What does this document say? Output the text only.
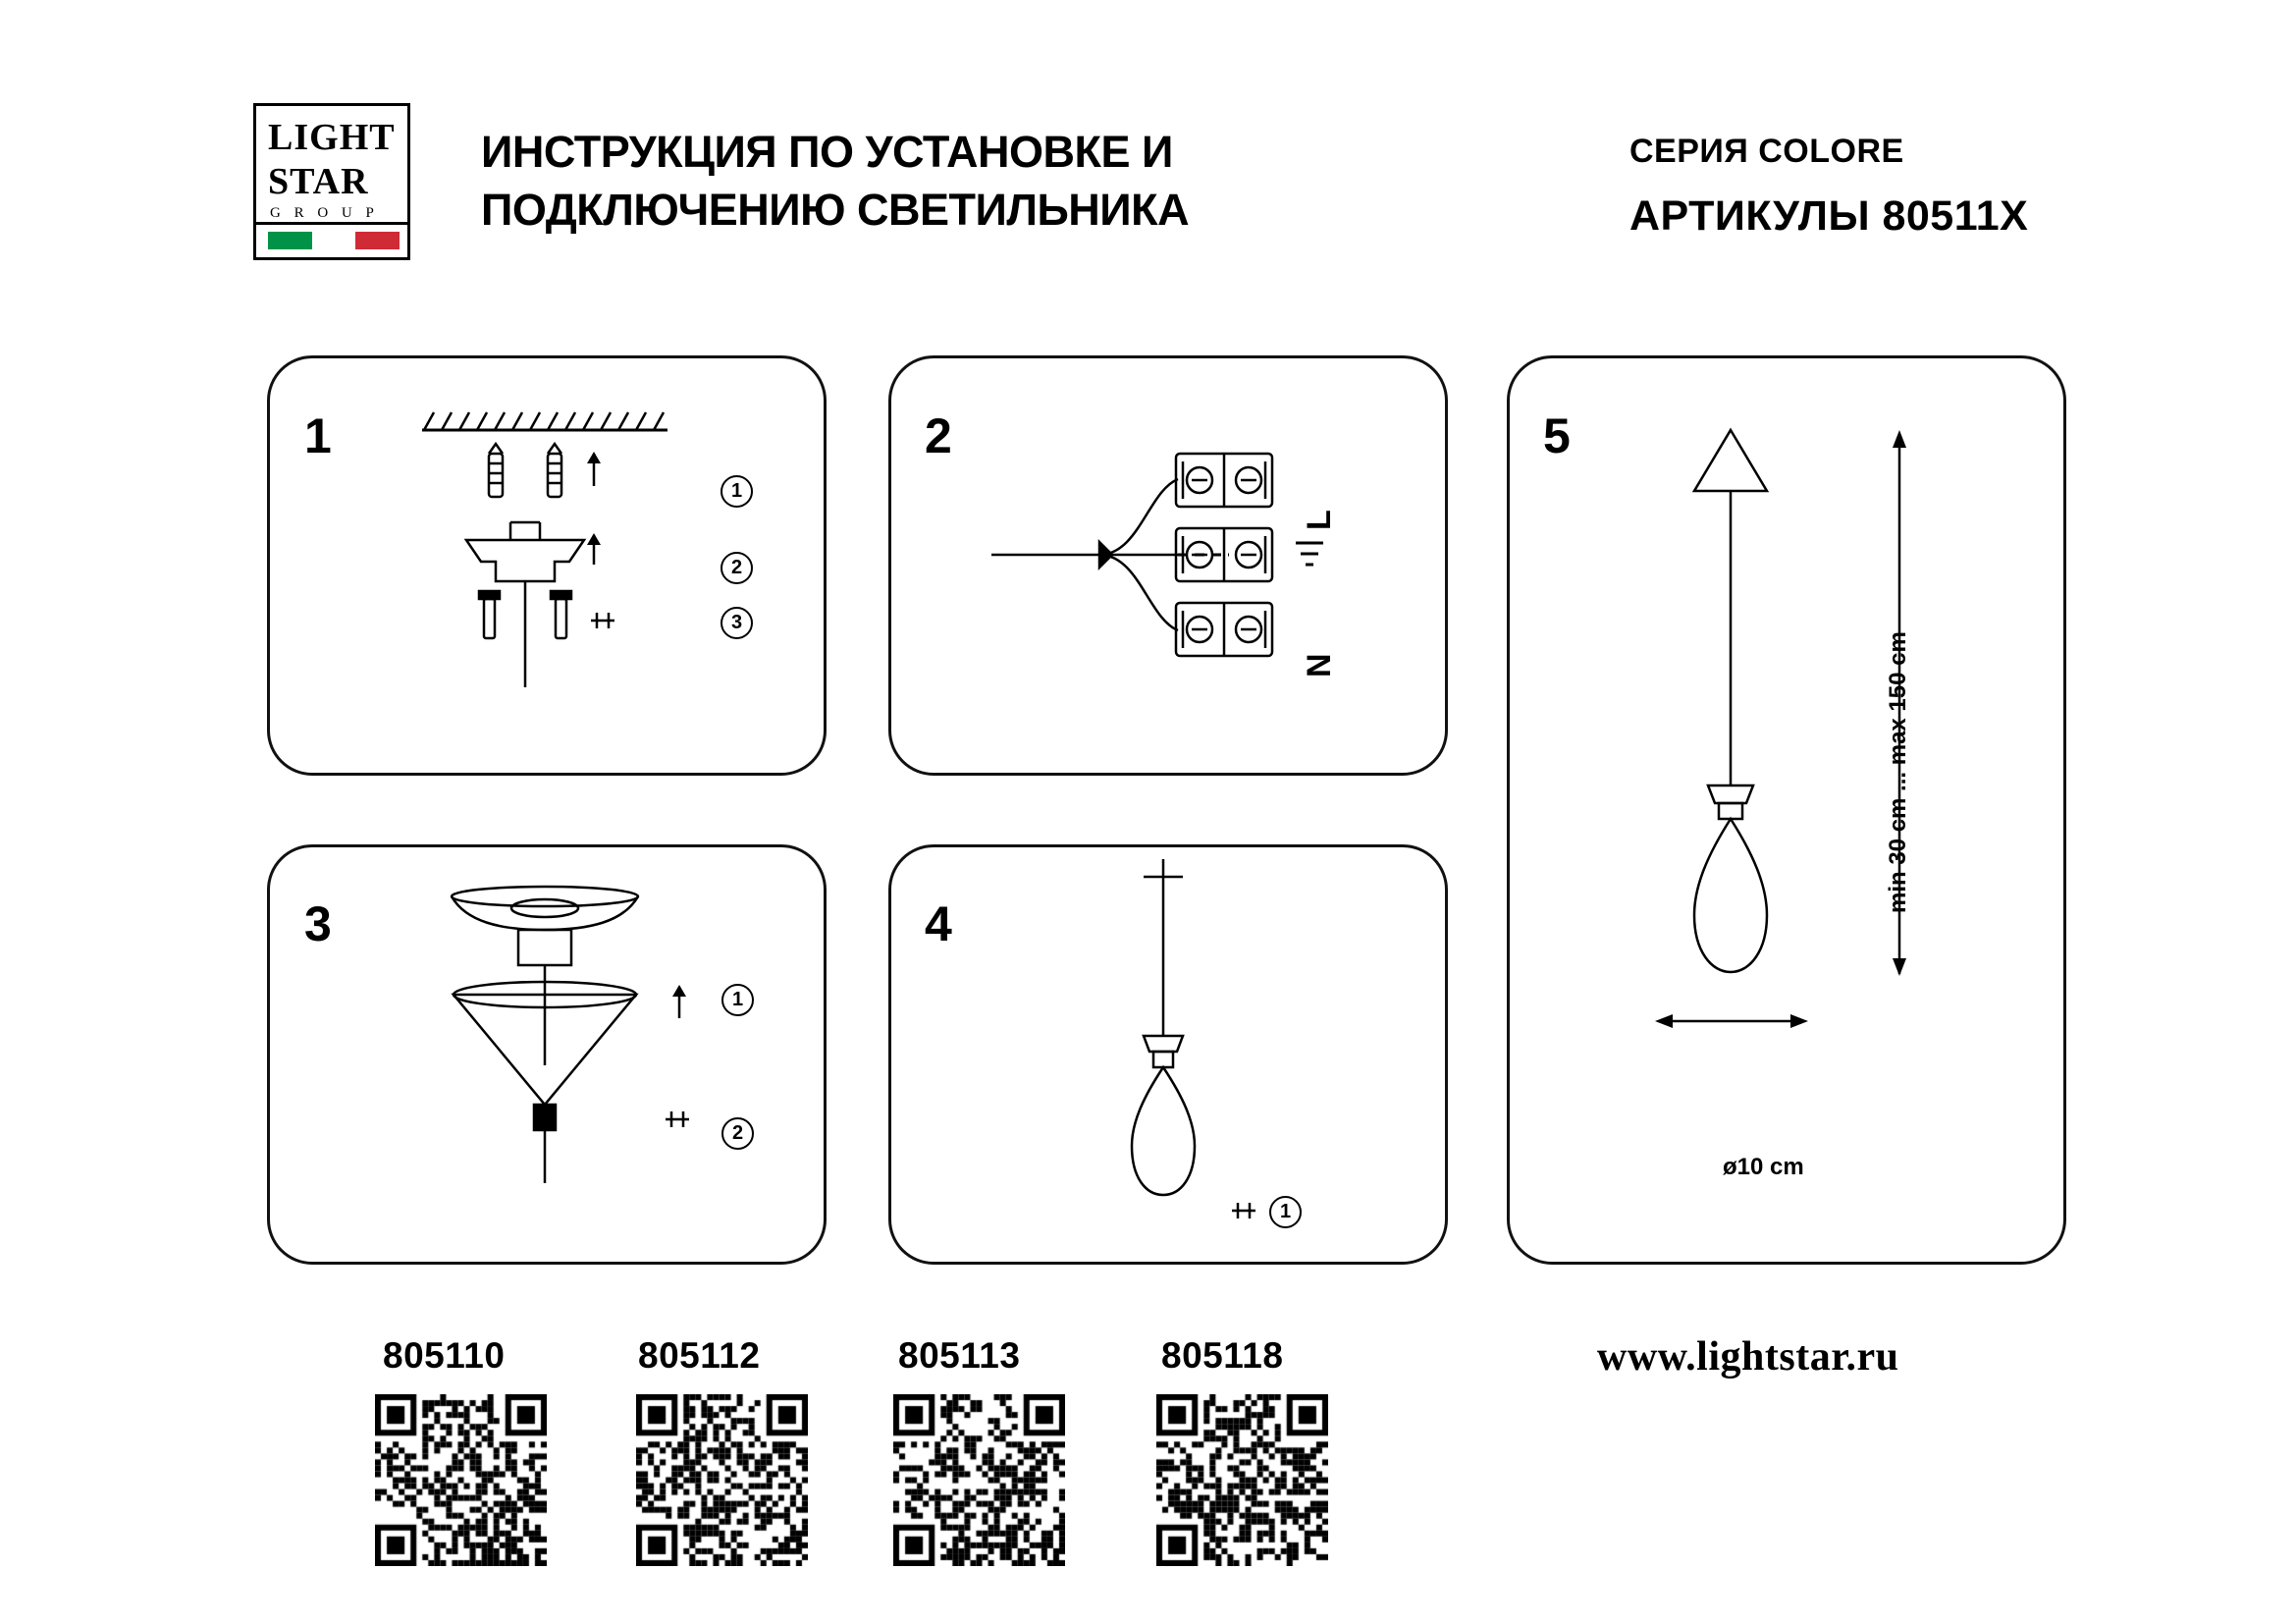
LIGHT
STAR
G R O U P
ИНСТРУКЦИЯ ПО УСТАНОВКЕ И
ПОДКЛЮЧЕНИЮ СВЕТИЛЬНИКА
СЕРИЯ COLORE
АРТИКУЛЫ 80511X
1
1
2
3
2
L
N
3
1
2
4
1
5
min 30 cm ... max 150 cm
ø10 cm
805110	805112	805113	805118	www.lightstar.ru
